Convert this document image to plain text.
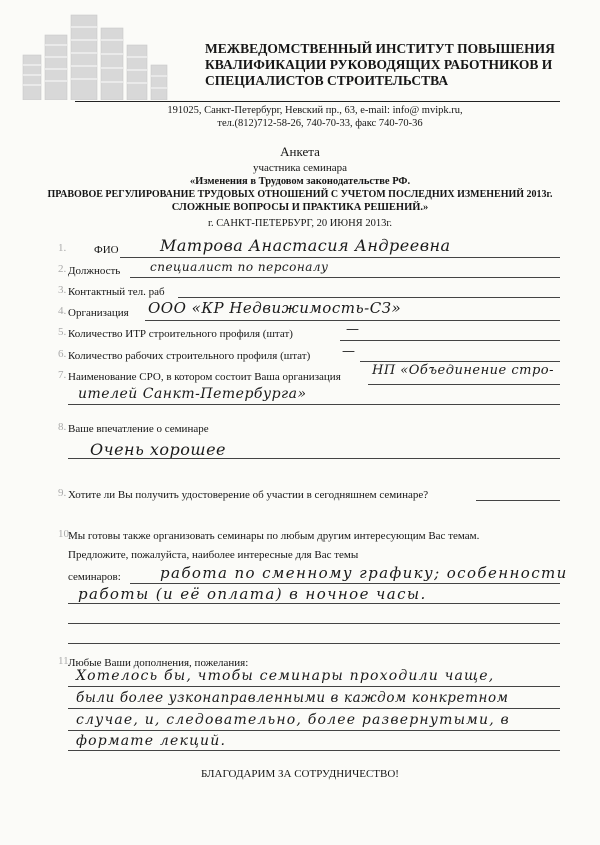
МЕЖВЕДОМСТВЕННЫЙ ИНСТИТУТ ПОВЫШЕНИЯ
КВАЛИФИКАЦИИ РУКОВОДЯЩИХ РАБОТНИКОВ И
СПЕЦИАЛИСТОВ СТРОИТЕЛЬСТВА
191025, Санкт-Петербург, Невский пр., 63, e-mail: info@ mvipk.ru,
тел.(812)712-58-26, 740-70-33, факс 740-70-36
Анкета
участника семинара
«Изменения в Трудовом законодательстве РФ.
ПРАВОВОЕ РЕГУЛИРОВАНИЕ ТРУДОВЫХ ОТНОШЕНИЙ С УЧЕТОМ ПОСЛЕДНИХ ИЗМЕНЕНИЙ 2013г.
СЛОЖНЫЕ ВОПРОСЫ И ПРАКТИКА РЕШЕНИЙ.»
г. САНКТ-ПЕТЕРБУРГ, 20 ИЮНЯ 2013г.
1.	ФИО	Матрова Анастасия Андреевна
2. Должность специалист по персоналу
3. Контактный тел. раб
4. Организация ООО «КР Недвижимость-СЗ»
5. Количество ИТР строительного профиля (штат)	—
6. Количество рабочих строительного профиля (штат) —
7. Наименование СРО, в котором состоит Ваша организация НП «Объединение стро-
ителей Санкт-Петербурга»
8. Ваше впечатление о семинаре
Очень хорошее
9. Хотите ли Вы получить удостоверение об участии в сегодняшнем семинаре?
10.
Мы готовы также организовать семинары по любым другим интересующим Вас темам.
Предложите, пожалуйста, наиболее интересные для Вас темы
семинаров:	работа по сменному графику; особенности
работы (и её оплата) в ночное часы.
11.
Любые Ваши дополнения, пожелания:
Хотелось бы, чтобы семинары проходили чаще,
были более узконаправленными в каждом конкретном
случае, и, следовательно, более развернутыми, в
формате лекций.
БЛАГОДАРИМ ЗА СОТРУДНИЧЕСТВО!
